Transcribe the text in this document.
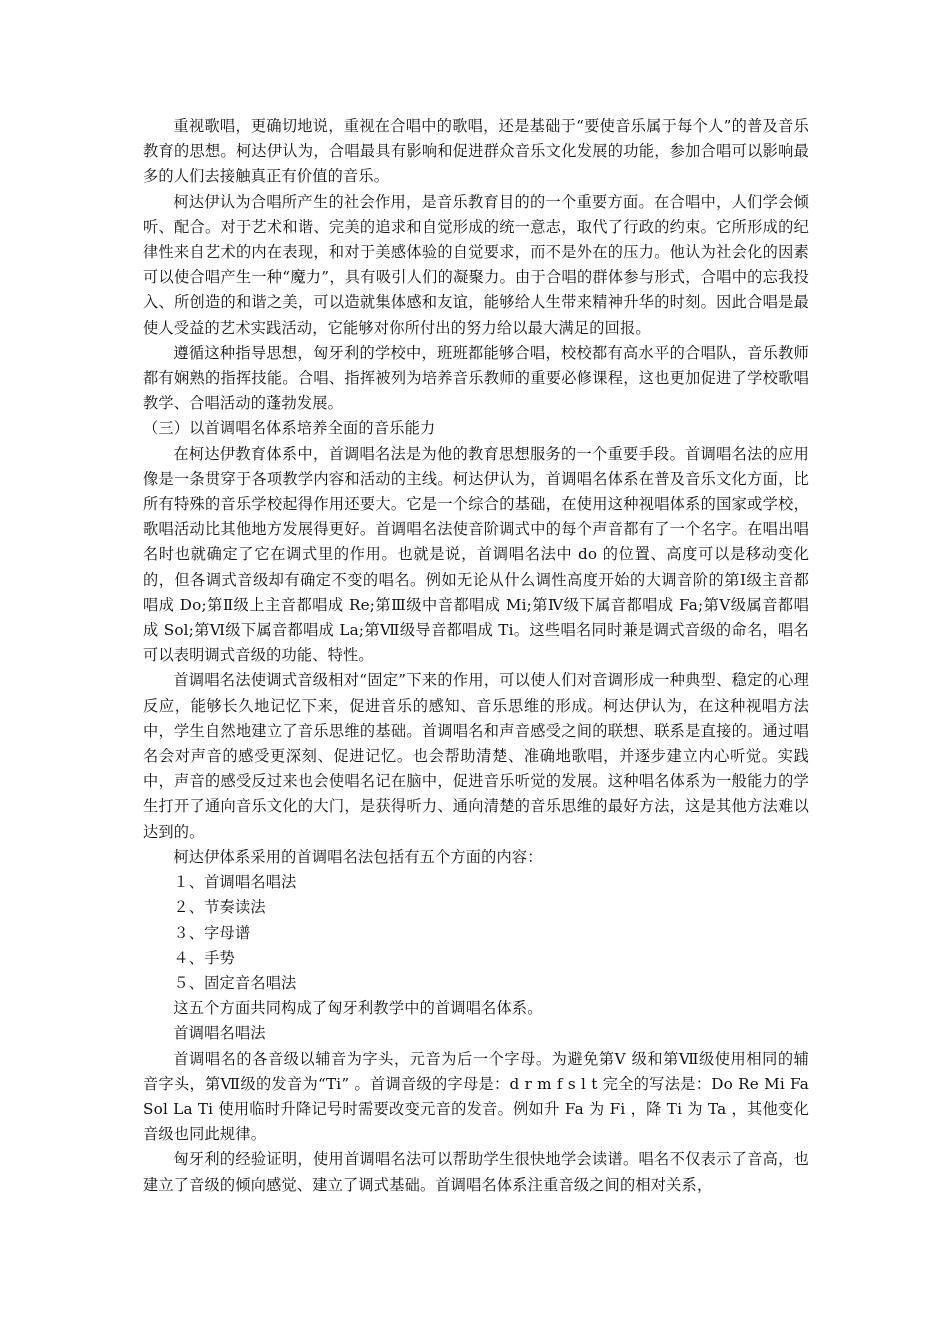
重视歌唱，更确切地说，重视在合唱中的歌唱，还是基础于“要使音乐属于每个人”的普及音乐教育的思想。柯达伊认为，合唱最具有影响和促进群众音乐文化发展的功能，参加合唱可以影响最多的人们去接触真正有价值的音乐。

柯达伊认为合唱所产生的社会作用，是音乐教育目的的一个重要方面。在合唱中，人们学会倾听、配合。对于艺术和谐、完美的追求和自觉形成的统一意志，取代了行政的约束。它所形成的纪律性来自艺术的内在表现，和对于美感体验的自觉要求，而不是外在的压力。他认为社会化的因素可以使合唱产生一种“魔力”，具有吸引人们的凝聚力。由于合唱的群体参与形式，合唱中的忘我投入、所创造的和谐之美，可以造就集体感和友谊，能够给人生带来精神升华的时刻。因此合唱是最使人受益的艺术实践活动，它能够对你所付出的努力给以最大满足的回报。

遵循这种指导思想，匈牙利的学校中，班班都能够合唱，校校都有高水平的合唱队，音乐教师都有娴熟的指挥技能。合唱、指挥被列为培养音乐教师的重要必修课程，这也更加促进了学校歌唱教学、合唱活动的蓬勃发展。

（三）以首调唱名体系培养全面的音乐能力

在柯达伊教育体系中，首调唱名法是为他的教育思想服务的一个重要手段。首调唱名法的应用像是一条贯穿于各项教学内容和活动的主线。柯达伊认为，首调唱名体系在普及音乐文化方面，比所有特殊的音乐学校起得作用还要大。它是一个综合的基础，在使用这种视唱体系的国家或学校，歌唱活动比其他地方发展得更好。首调唱名法使音阶调式中的每个声音都有了一个名字。在唱出唱名时也就确定了它在调式里的作用。也就是说，首调唱名法中 do 的位置、高度可以是移动变化的，但各调式音级却有确定不变的唱名。例如无论从什么调性高度开始的大调音阶的第Ⅰ级主音都唱成 Do;第Ⅱ级上主音都唱成 Re;第Ⅲ级中音都唱成 Mi;第Ⅳ级下属音都唱成 Fa;第Ⅴ级属音都唱成 Sol;第Ⅵ级下属音都唱成 La;第Ⅶ级导音都唱成 Ti。这些唱名同时兼是调式音级的命名，唱名可以表明调式音级的功能、特性。

首调唱名法使调式音级相对“固定”下来的作用，可以使人们对音调形成一种典型、稳定的心理反应，能够长久地记忆下来，促进音乐的感知、音乐思维的形成。柯达伊认为，在这种视唱方法中，学生自然地建立了音乐思维的基础。首调唱名和声音感受之间的联想、联系是直接的。通过唱名会对声音的感受更深刻、促进记忆。也会帮助清楚、准确地歌唱，并逐步建立内心听觉。实践中，声音的感受反过来也会使唱名记在脑中，促进音乐听觉的发展。这种唱名体系为一般能力的学生打开了通向音乐文化的大门，是获得听力、通向清楚的音乐思维的最好方法，这是其他方法难以达到的。

柯达伊体系采用的首调唱名法包括有五个方面的内容：

１、首调唱名唱法

２、节奏读法

３、字母谱

４、手势

５、固定音名唱法

这五个方面共同构成了匈牙利教学中的首调唱名体系。

首调唱名唱法

首调唱名的各音级以辅音为字头，元音为后一个字母。为避免第Ⅴ 级和第Ⅶ级使用相同的辅音字头，第Ⅶ级的发音为“Ti” 。首调音级的字母是：d r m f s l t 完全的写法是：Do Re Mi Fa Sol La Ti 使用临时升降记号时需要改变元音的发音。例如升 Fa 为 Fi ，降 Ti 为 Ta ，其他变化音级也同此规律。

匈牙利的经验证明，使用首调唱名法可以帮助学生很快地学会读谱。唱名不仅表示了音高，也建立了音级的倾向感觉、建立了调式基础。首调唱名体系注重音级之间的相对关系，
